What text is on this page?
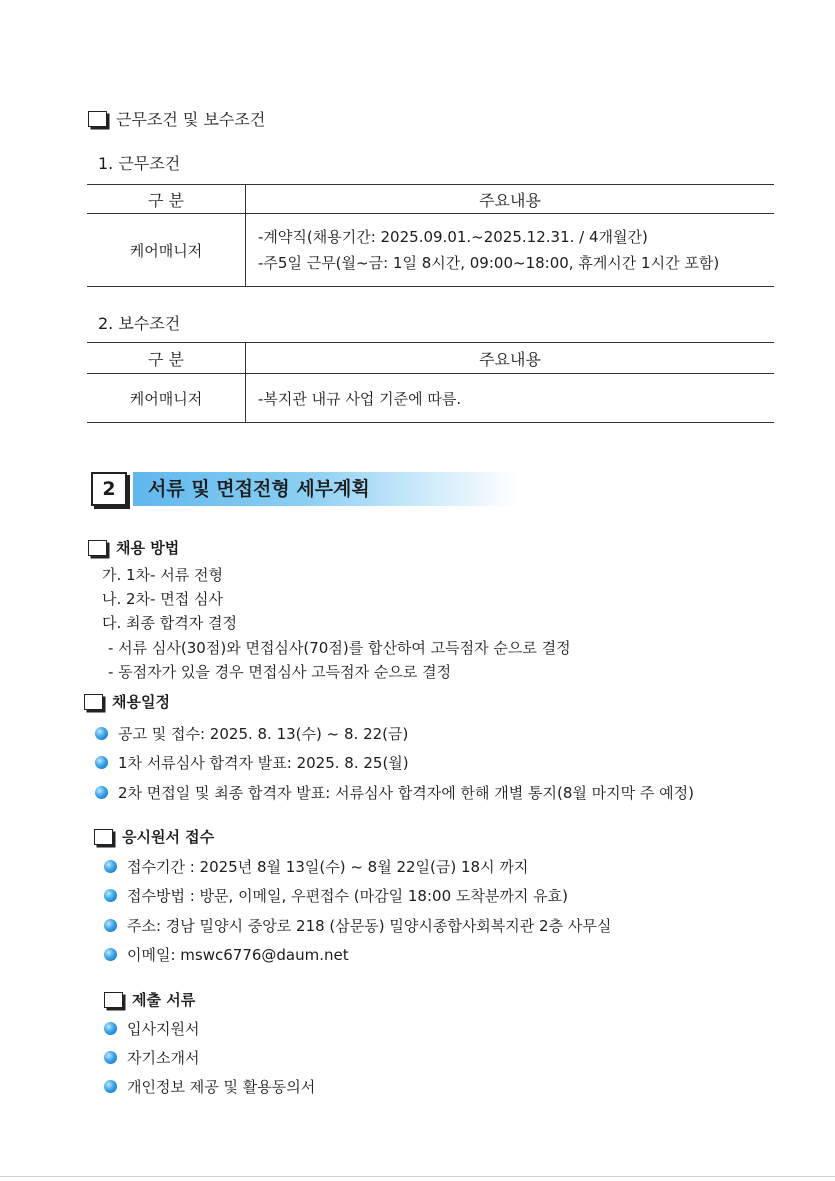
근무조건 및 보수조건
1. 근무조건
구 분	주요내용
케어매니저	-계약직(채용기간: 2025.09.01.~2025.12.31. / 4개월간)
-주5일 근무(월~금: 1일 8시간, 09:00~18:00, 휴게시간 1시간 포함)
2. 보수조건
구 분	주요내용
케어매니저	-복지관 내규 사업 기준에 따름.
2	서류 및 면접전형 세부계획
채용 방법
가. 1차- 서류 전형
나. 2차- 면접 심사
다. 최종 합격자 결정
- 서류 심사(30점)와 면접심사(70점)를 합산하여 고득점자 순으로 결정
- 동점자가 있을 경우 면접심사 고득점자 순으로 결정
채용일정
공고 및 접수: 2025. 8. 13(수) ~ 8. 22(금)
1차 서류심사 합격자 발표: 2025. 8. 25(월)
2차 면접일 및 최종 합격자 발표: 서류심사 합격자에 한해 개별 통지(8월 마지막 주 예정)
응시원서 접수
접수기간 : 2025년 8월 13일(수) ~ 8월 22일(금) 18시 까지
접수방법 : 방문, 이메일, 우편접수 (마감일 18:00 도착분까지 유효)
주소: 경남 밀양시 중앙로 218 (삼문동) 밀양시종합사회복지관 2층 사무실
이메일: mswc6776@daum.net
제출 서류
입사지원서
자기소개서
개인정보 제공 및 활용동의서
